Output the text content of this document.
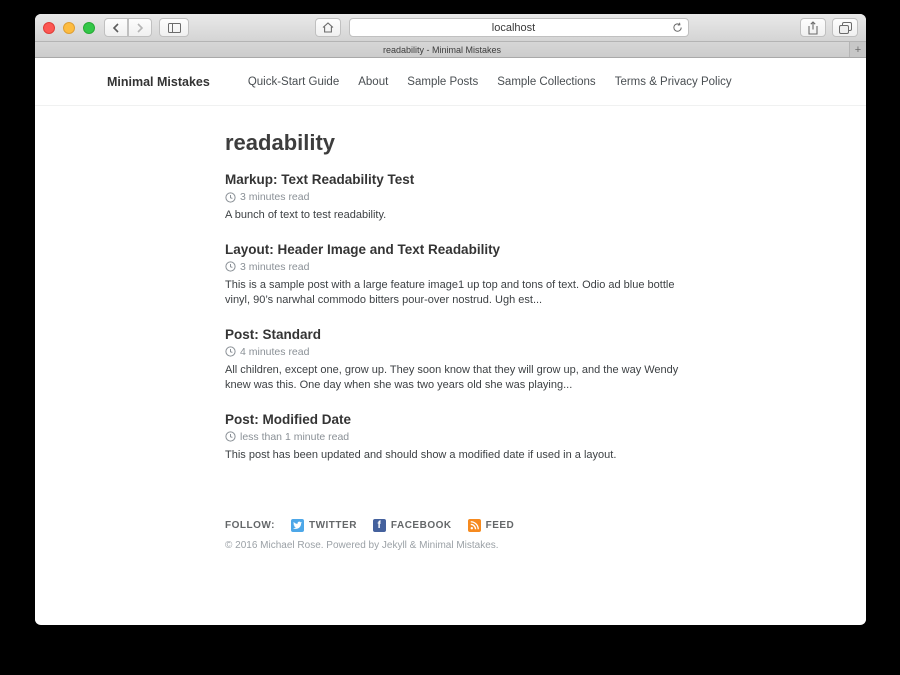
localhost
readability - Minimal Mistakes	+
Minimal Mistakes	Quick-Start Guide About Sample Posts Sample Collections Terms & Privacy Policy
readability
Markup: Text Readability Test
3 minutes read

A bunch of text to test readability.

Layout: Header Image and Text Readability
3 minutes read

This is a sample post with a large feature image1 up top and tons of text. Odio ad blue bottle vinyl, 90’s narwhal commodo bitters pour-over nostrud. Ugh est...

Post: Standard
4 minutes read

All children, except one, grow up. They soon know that they will grow up, and the way Wendy knew was this. One day when she was two years old she was playing...

Post: Modified Date
less than 1 minute read

This post has been updated and should show a modified date if used in a layout.

FOLLOW:	TWITTER f FACEBOOK	FEED
© 2016 Michael Rose. Powered by Jekyll & Minimal Mistakes.
